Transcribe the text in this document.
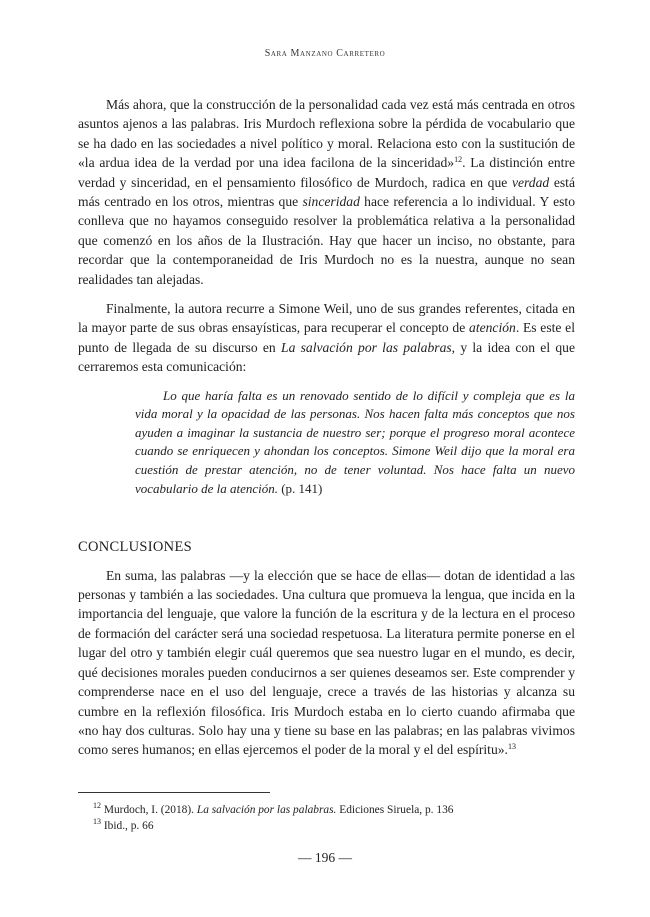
Sara Manzano Carretero

Más ahora, que la construcción de la personalidad cada vez está más centrada en otros asuntos ajenos a las palabras. Iris Murdoch reflexiona sobre la pérdida de vocabulario que se ha dado en las sociedades a nivel político y moral. Relaciona esto con la sustitución de «la ardua idea de la verdad por una idea facilona de la sinceridad»$^{12}$. La distinción entre verdad y sinceridad, en el pensamiento filosófico de Murdoch, radica en que verdad está más centrado en los otros, mientras que sinceridad hace referencia a lo individual. Y esto conlleva que no hayamos conseguido resolver la problemática relativa a la personalidad que comenzó en los años de la Ilustración. Hay que hacer un inciso, no obstante, para recordar que la contemporaneidad de Iris Murdoch no es la nuestra, aunque no sean realidades tan alejadas.

Finalmente, la autora recurre a Simone Weil, uno de sus grandes referentes, citada en la mayor parte de sus obras ensayísticas, para recuperar el concepto de atención. Es este el punto de llegada de su discurso en La salvación por las palabras, y la idea con el que cerraremos esta comunicación:

Lo que haría falta es un renovado sentido de lo difícil y compleja que es la vida moral y la opacidad de las personas. Nos hacen falta más conceptos que nos ayuden a imaginar la sustancia de nuestro ser; porque el progreso moral acontece cuando se enriquecen y ahondan los conceptos. Simone Weil dijo que la moral era cuestión de prestar atención, no de tener voluntad. Nos hace falta un nuevo vocabulario de la atención. (p. 141)

CONCLUSIONES

En suma, las palabras —y la elección que se hace de ellas— dotan de identidad a las personas y también a las sociedades. Una cultura que promueva la lengua, que incida en la importancia del lenguaje, que valore la función de la escritura y de la lectura en el proceso de formación del carácter será una sociedad respetuosa. La literatura permite ponerse en el lugar del otro y también elegir cuál queremos que sea nuestro lugar en el mundo, es decir, qué decisiones morales pueden conducirnos a ser quienes deseamos ser. Este comprender y comprenderse nace en el uso del lenguaje, crece a través de las historias y alcanza su cumbre en la reflexión filosófica. Iris Murdoch estaba en lo cierto cuando afirmaba que «no hay dos culturas. Solo hay una y tiene su base en las palabras; en las palabras vivimos como seres humanos; en ellas ejercemos el poder de la moral y el del espíritu».$^{13}$

$^{12}$ Murdoch, I. (2018). La salvación por las palabras. Ediciones Siruela, p. 136
$^{13}$ Ibid., p. 66
— 196 —
